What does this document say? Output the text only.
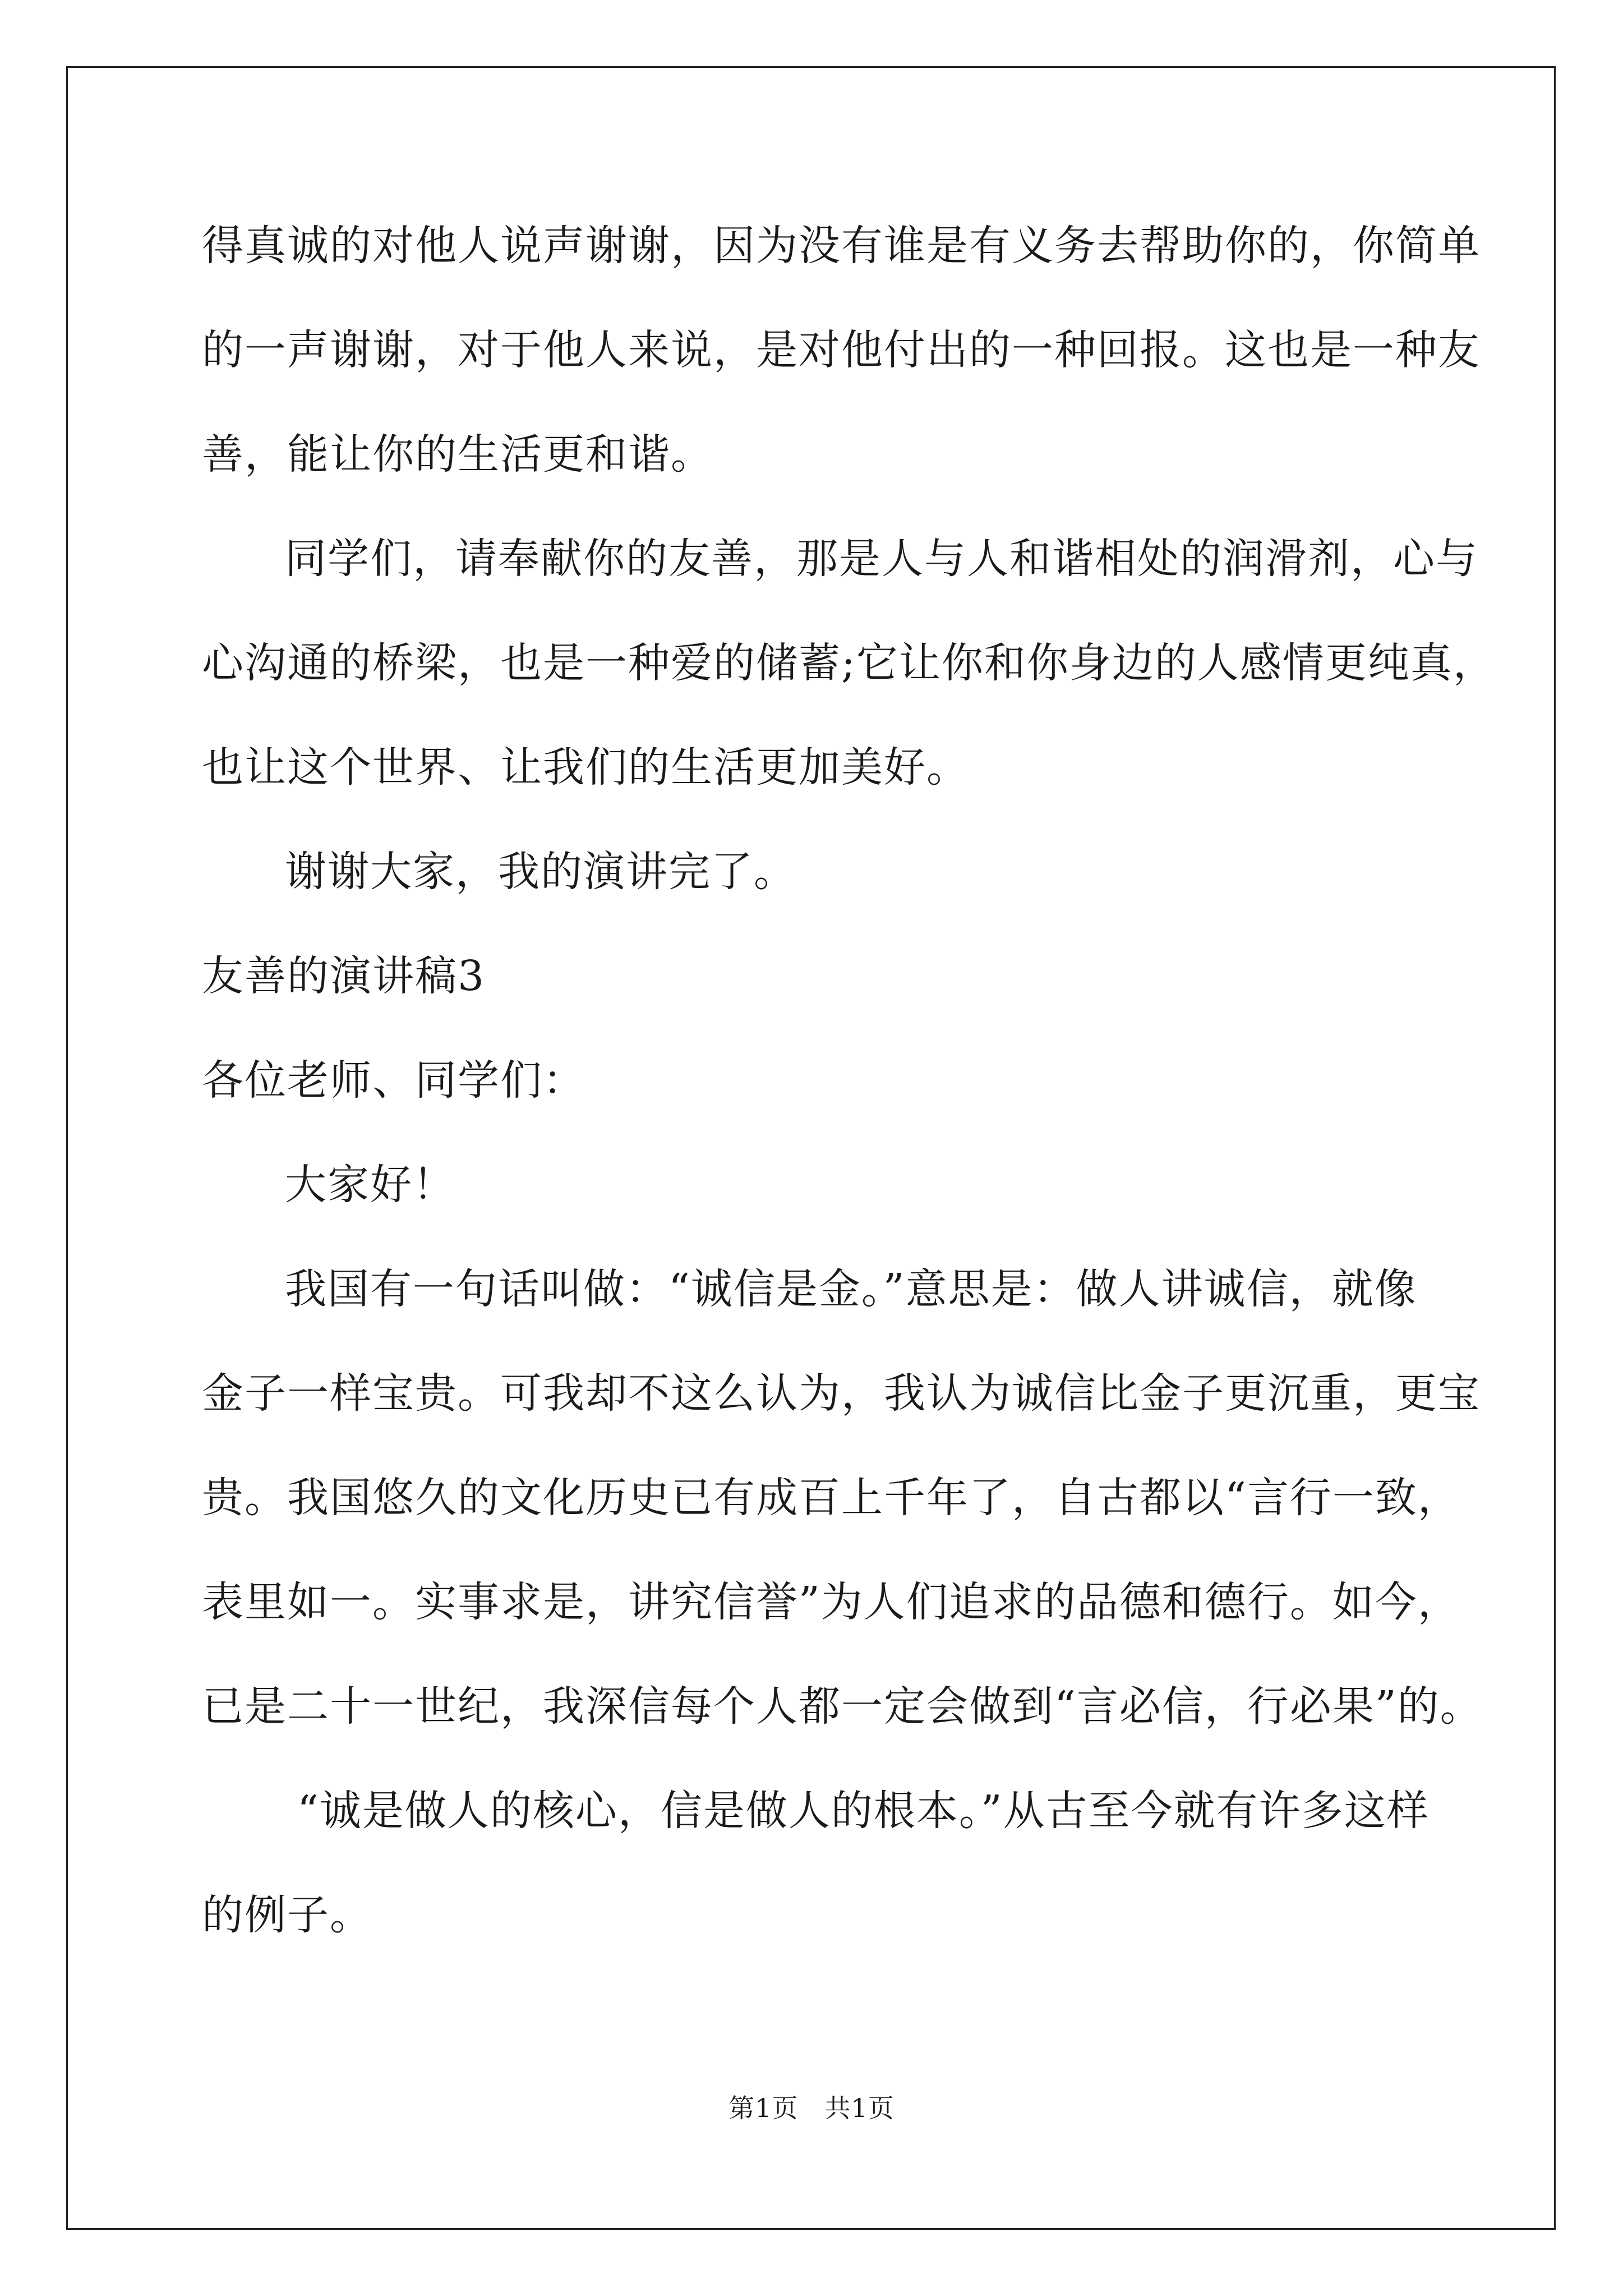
得真诚的对他人说声谢谢，因为没有谁是有义务去帮助你的，你简单
的一声谢谢，对于他人来说，是对他付出的一种回报。这也是一种友
善，能让你的生活更和谐。
同学们，请奉献你的友善，那是人与人和谐相处的润滑剂，心与
心沟通的桥梁，也是一种爱的储蓄;它让你和你身边的人感情更纯真，
也让这个世界、让我们的生活更加美好。
谢谢大家，我的演讲完了。
友善的演讲稿3
各位老师、同学们：
大家好！
我国有一句话叫做：“诚信是金。”意思是：做人讲诚信，就像
金子一样宝贵。可我却不这么认为，我认为诚信比金子更沉重，更宝
贵。我国悠久的文化历史已有成百上千年了，自古都以“言行一致，
表里如一。实事求是，讲究信誉”为人们追求的品德和德行。如今，
已是二十一世纪，我深信每个人都一定会做到“言必信，行必果”的。
“诚是做人的核心，信是做人的根本。”从古至今就有许多这样
的例子。
第1页　共1页
